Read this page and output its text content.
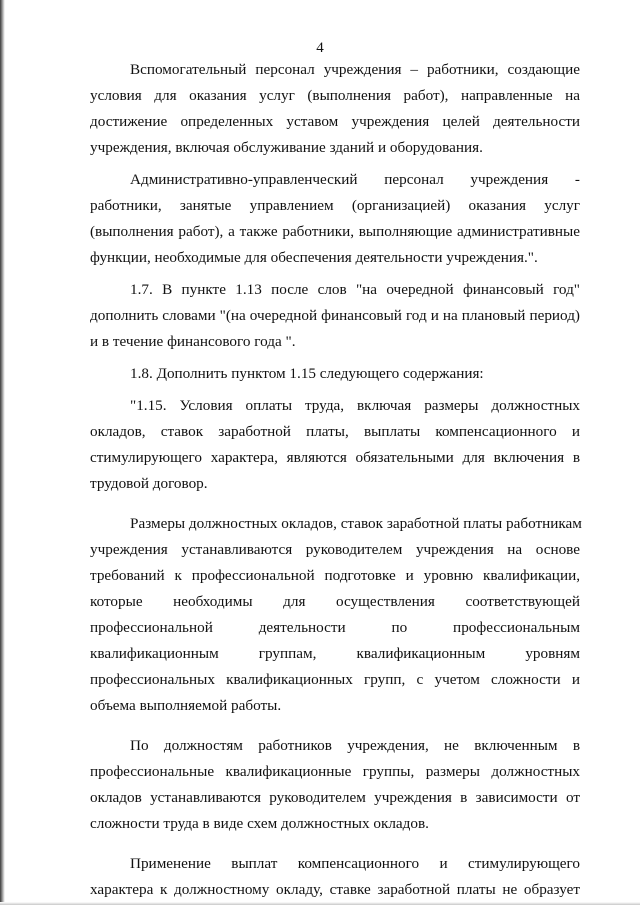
4

Вспомогательный персонал учреждения – работники, создающие
условия для оказания услуг (выполнения работ), направленные на
достижение определенных уставом учреждения целей деятельности
учреждения, включая обслуживание зданий и оборудования.

Административно-управленческий персонал учреждения -
работники, занятые управлением (организацией) оказания услуг
(выполнения работ), а также работники, выполняющие административные
функции, необходимые для обеспечения деятельности учреждения.".

1.7. В пункте 1.13 после слов "на очередной финансовый год"
дополнить словами "(на очередной финансовый год и на плановый период)
и в течение финансового года ".

1.8. Дополнить пунктом 1.15 следующего содержания:

"1.15. Условия оплаты труда, включая размеры должностных
окладов, ставок заработной платы, выплаты компенсационного и
стимулирующего характера, являются обязательными для включения в
трудовой договор.

Размеры должностных окладов, ставок заработной платы работникам
учреждения устанавливаются руководителем учреждения на основе
требований к профессиональной подготовке и уровню квалификации,
которые необходимы для осуществления соответствующей
профессиональной деятельности по профессиональным
квалификационным группам, квалификационным уровням
профессиональных квалификационных групп, с учетом сложности и
объема выполняемой работы.

По должностям работников учреждения, не включенным в
профессиональные квалификационные группы, размеры должностных
окладов устанавливаются руководителем учреждения в зависимости от
сложности труда в виде схем должностных окладов.

Применение выплат компенсационного и стимулирующего
характера к должностному окладу, ставке заработной платы не образует
